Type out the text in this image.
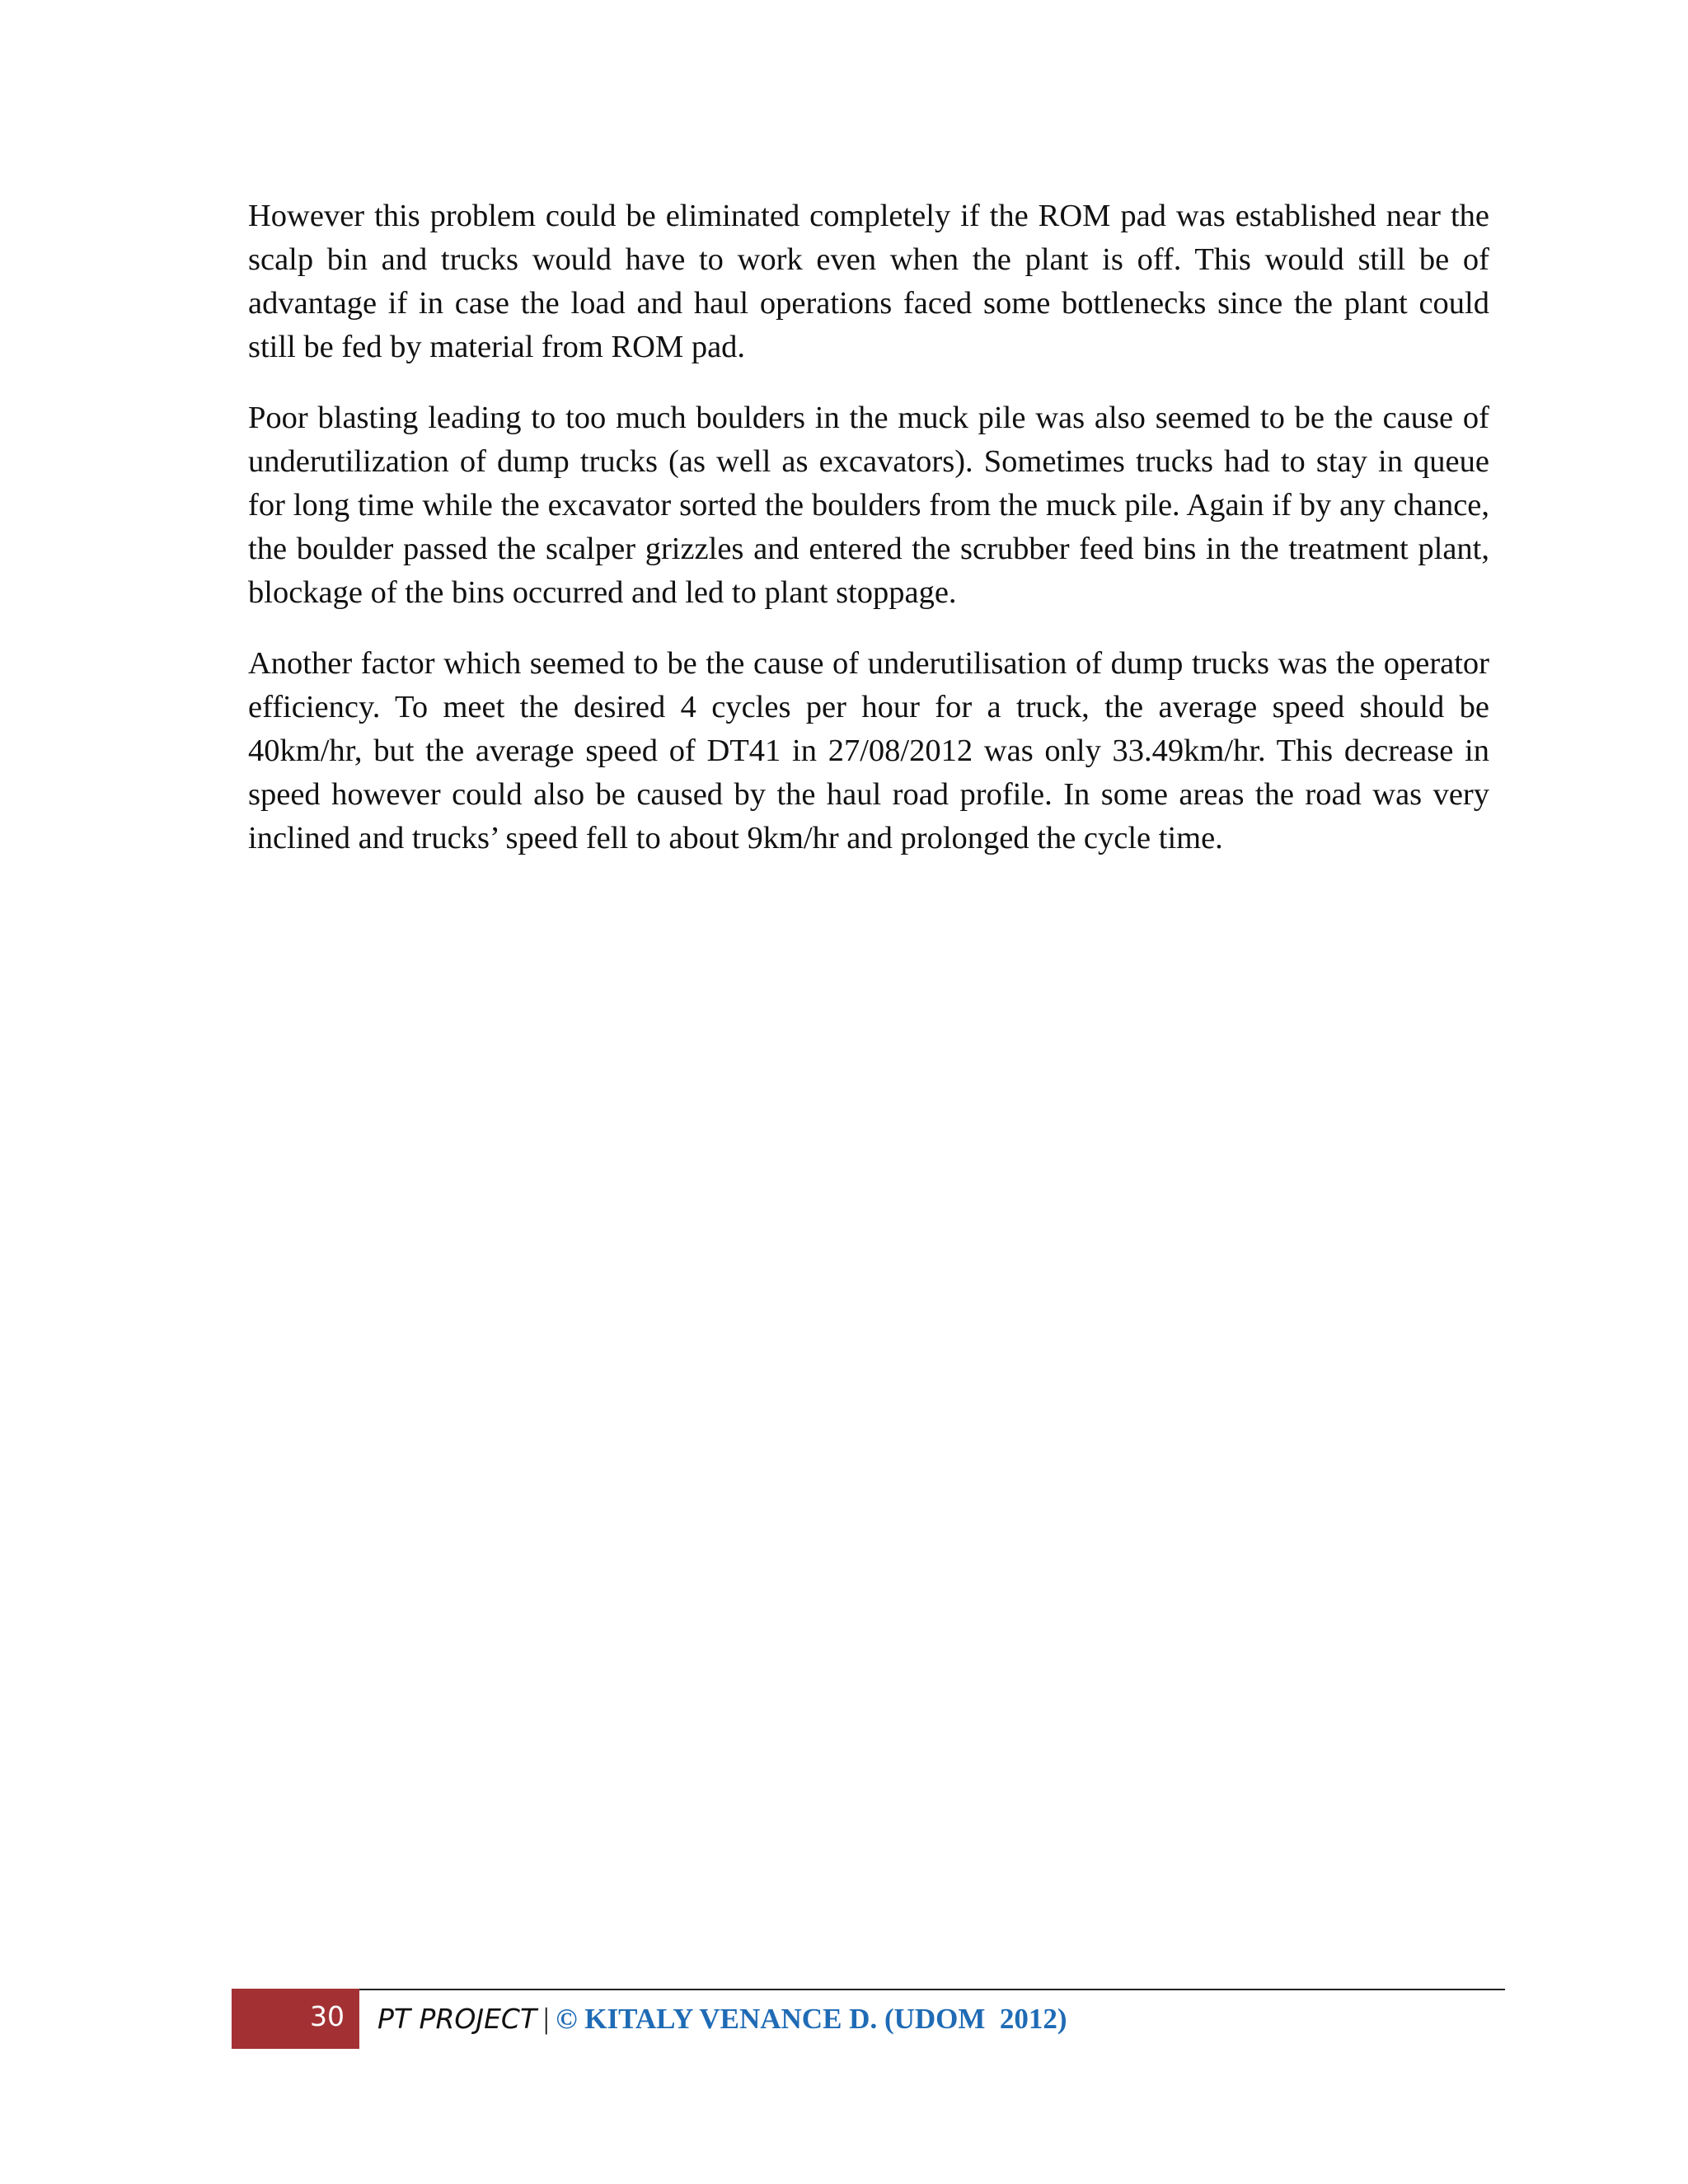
However this problem could be eliminated completely if the ROM pad was established near the scalp bin and trucks would have to work even when the plant is off. This would still be of advantage if in case the load and haul operations faced some bottlenecks since the plant could still be fed by material from ROM pad.

Poor blasting leading to too much boulders in the muck pile was also seemed to be the cause of underutilization of dump trucks (as well as excavators). Sometimes trucks had to stay in queue for long time while the excavator sorted the boulders from the muck pile. Again if by any chance, the boulder passed the scalper grizzles and entered the scrubber feed bins in the treatment plant, blockage of the bins occurred and led to plant stoppage.

Another factor which seemed to be the cause of underutilisation of dump trucks was the operator efficiency. To meet the desired 4 cycles per hour for a truck, the average speed should be 40km/hr, but the average speed of DT41 in 27/08/2012 was only 33.49km/hr. This decrease in speed however could also be caused by the haul road profile. In some areas the road was very inclined and trucks’ speed fell to about 9km/hr and prolonged the cycle time.

30 PT PROJECT | © KITALY VENANCE D. (UDOM  2012)
